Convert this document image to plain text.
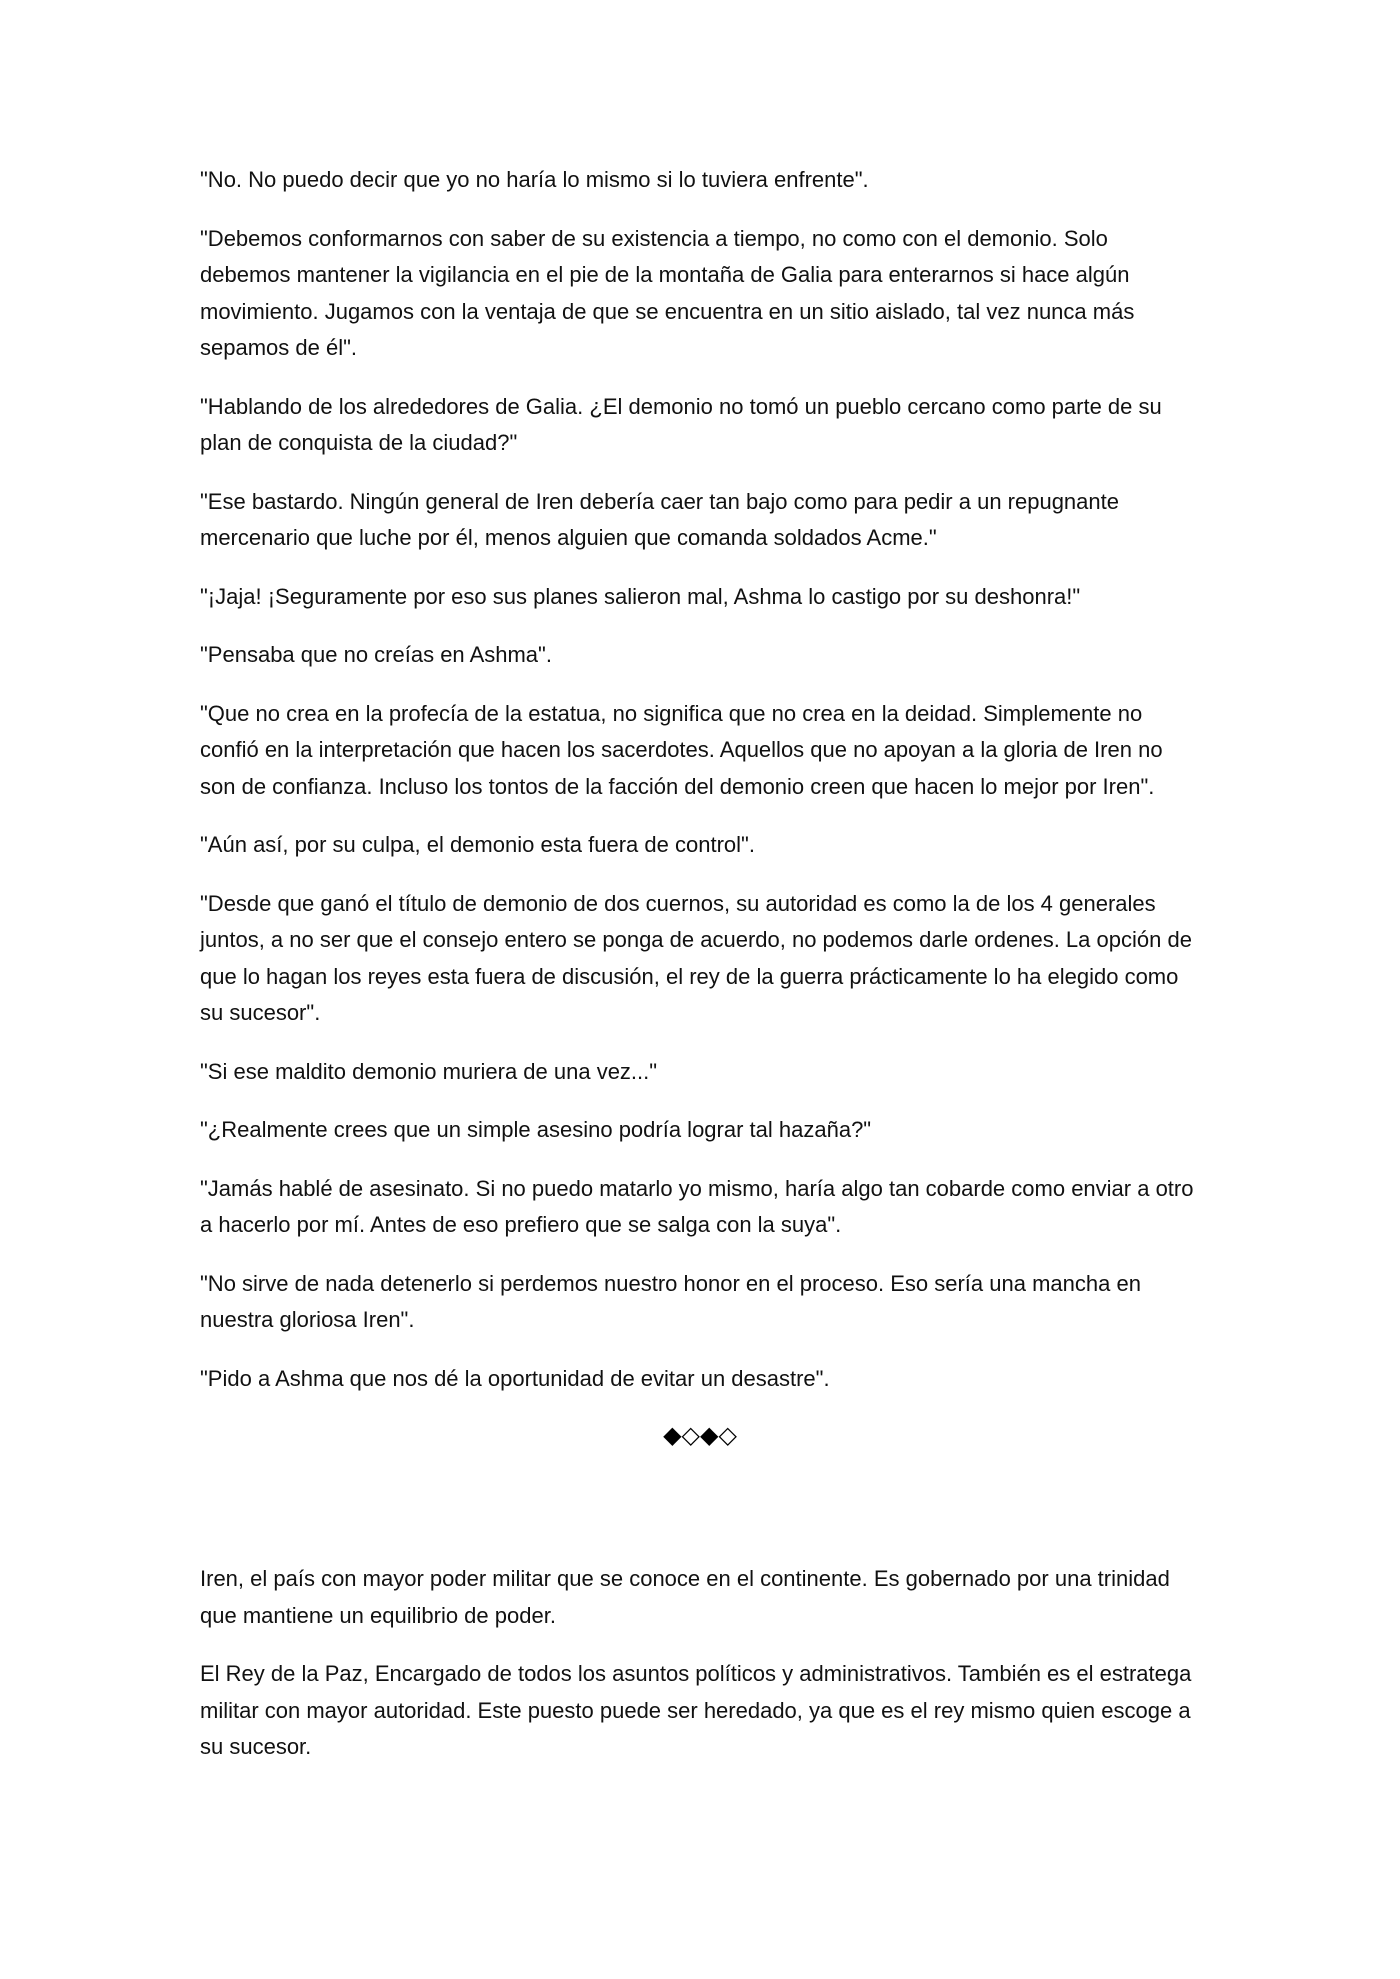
"No. No puedo decir que yo no haría lo mismo si lo tuviera enfrente".

"Debemos conformarnos con saber de su existencia a tiempo, no como con el demonio. Solo debemos mantener la vigilancia en el pie de la montaña de Galia para enterarnos si hace algún movimiento. Jugamos con la ventaja de que se encuentra en un sitio aislado, tal vez nunca más sepamos de él".

"Hablando de los alrededores de Galia. ¿El demonio no tomó un pueblo cercano como parte de su plan de conquista de la ciudad?"

"Ese bastardo. Ningún general de Iren debería caer tan bajo como para pedir a un repugnante mercenario que luche por él, menos alguien que comanda soldados Acme."

"¡Jaja! ¡Seguramente por eso sus planes salieron mal, Ashma lo castigo por su deshonra!"

"Pensaba que no creías en Ashma".

"Que no crea en la profecía de la estatua, no significa que no crea en la deidad. Simplemente no confió en la interpretación que hacen los sacerdotes. Aquellos que no apoyan a la gloria de Iren no son de confianza. Incluso los tontos de la facción del demonio creen que hacen lo mejor por Iren".

"Aún así, por su culpa, el demonio esta fuera de control".

"Desde que ganó el título de demonio de dos cuernos, su autoridad es como la de los 4 generales juntos, a no ser que el consejo entero se ponga de acuerdo, no podemos darle ordenes. La opción de que lo hagan los reyes esta fuera de discusión, el rey de la guerra prácticamente lo ha elegido como su sucesor".

"Si ese maldito demonio muriera de una vez..."

"¿Realmente crees que un simple asesino podría lograr tal hazaña?"

"Jamás hablé de asesinato. Si no puedo matarlo yo mismo, haría algo tan cobarde como enviar a otro a hacerlo por mí. Antes de eso prefiero que se salga con la suya".

"No sirve de nada detenerlo si perdemos nuestro honor en el proceso. Eso sería una mancha en nuestra gloriosa Iren".

"Pido a Ashma que nos dé la oportunidad de evitar un desastre".

◆◇◆◇

Iren, el país con mayor poder militar que se conoce en el continente. Es gobernado por una trinidad que mantiene un equilibrio de poder.

El Rey de la Paz, Encargado de todos los asuntos políticos y administrativos. También es el estratega militar con mayor autoridad. Este puesto puede ser heredado, ya que es el rey mismo quien escoge a su sucesor.
